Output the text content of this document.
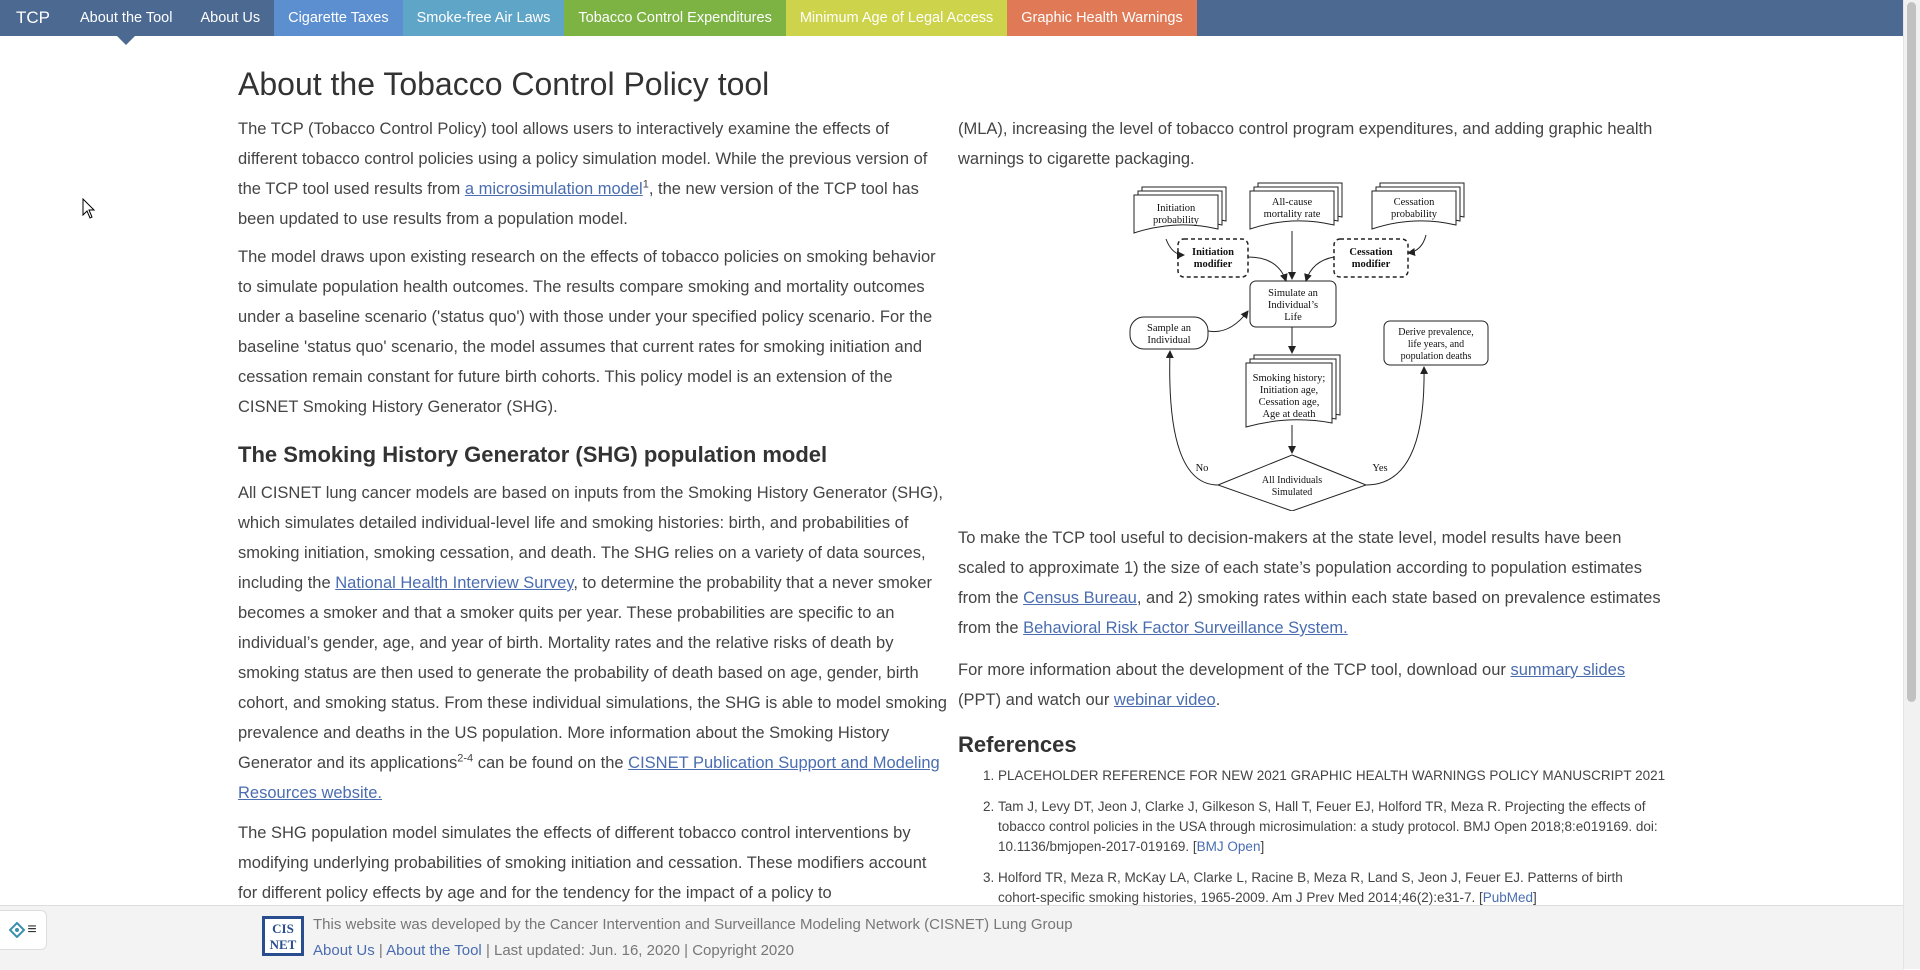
TCP	About the Tool About Us Cigarette Taxes Smoke-free Air Laws Tobacco Control Expenditures Minimum Age of Legal Access Graphic Health Warnings
About the Tobacco Control Policy tool

The TCP (Tobacco Control Policy) tool allows users to interactively examine the effects of different tobacco control policies using a policy simulation model. While the previous version of the TCP tool used results from a microsimulation model$^1$, the new version of the TCP tool has been updated to use results from a population model.

The model draws upon existing research on the effects of tobacco policies on smoking behavior to simulate population health outcomes. The results compare smoking and mortality outcomes under a baseline scenario ('status quo') with those under your specified policy scenario. For the baseline 'status quo' scenario, the model assumes that current rates for smoking initiation and cessation remain constant for future birth cohorts. This policy model is an extension of the CISNET Smoking History Generator (SHG).

The Smoking History Generator (SHG) population model

All CISNET lung cancer models are based on inputs from the Smoking History Generator (SHG), which simulates detailed individual-level life and smoking histories: birth, and probabilities of smoking initiation, smoking cessation, and death. The SHG relies on a variety of data sources, including the National Health Interview Survey, to determine the probability that a never smoker becomes a smoker and that a smoker quits per year. These probabilities are specific to an individual’s gender, age, and year of birth. Mortality rates and the relative risks of death by smoking status are then used to generate the probability of death based on age, gender, birth cohort, and smoking status. From these individual simulations, the SHG is able to model smoking prevalence and deaths in the US population. More information about the Smoking History Generator and its applications$^{2-4}$ can be found on the CISNET Publication Support and Modeling Resources website.

The SHG population model simulates the effects of different tobacco control interventions by modifying underlying probabilities of smoking initiation and cessation. These modifiers account for different policy effects by age and for the tendency for the impact of a policy to

(MLA), increasing the level of tobacco control program expenditures, and adding graphic health warnings to cigarette packaging.

Initiation
probability
All-cause
mortality rate
Cessation
probability
Initiation
modifier
Cessation
modifier
Simulate an
Individual’s
Life
Sample an
Individual
Derive prevalence,
life years, and
population deaths
Smoking history;
Initiation age,
Cessation age,
Age at death
All Individuals
Simulated
No	Yes

To make the TCP tool useful to decision-makers at the state level, model results have been scaled to approximate 1) the size of each state’s population according to population estimates from the Census Bureau, and 2) smoking rates within each state based on prevalence estimates from the Behavioral Risk Factor Surveillance System.

For more information about the development of the TCP tool, download our summary slides (PPT) and watch our webinar video.

References
1. PLACEHOLDER REFERENCE FOR NEW 2021 GRAPHIC HEALTH WARNINGS POLICY MANUSCRIPT 2021
2. Tam J, Levy DT, Jeon J, Clarke J, Gilkeson S, Hall T, Feuer EJ, Holford TR, Meza R. Projecting the effects of tobacco control policies in the USA through microsimulation: a study protocol. BMJ Open 2018;8:e019169. doi: 10.1136/bmjopen-2017-019169. [BMJ Open]
3. Holford TR, Meza R, McKay LA, Clarke L, Racine B, Meza R, Land S, Jeon J, Feuer EJ. Patterns of birth cohort-specific smoking histories, 1965-2009. Am J Prev Med 2014;46(2):e31-7. [PubMed]
CIS
NET
This website was developed by the Cancer Intervention and Surveillance Modeling Network (CISNET) Lung Group
About Us | About the Tool | Last updated: Jun. 16, 2020 | Copyright 2020
≡
